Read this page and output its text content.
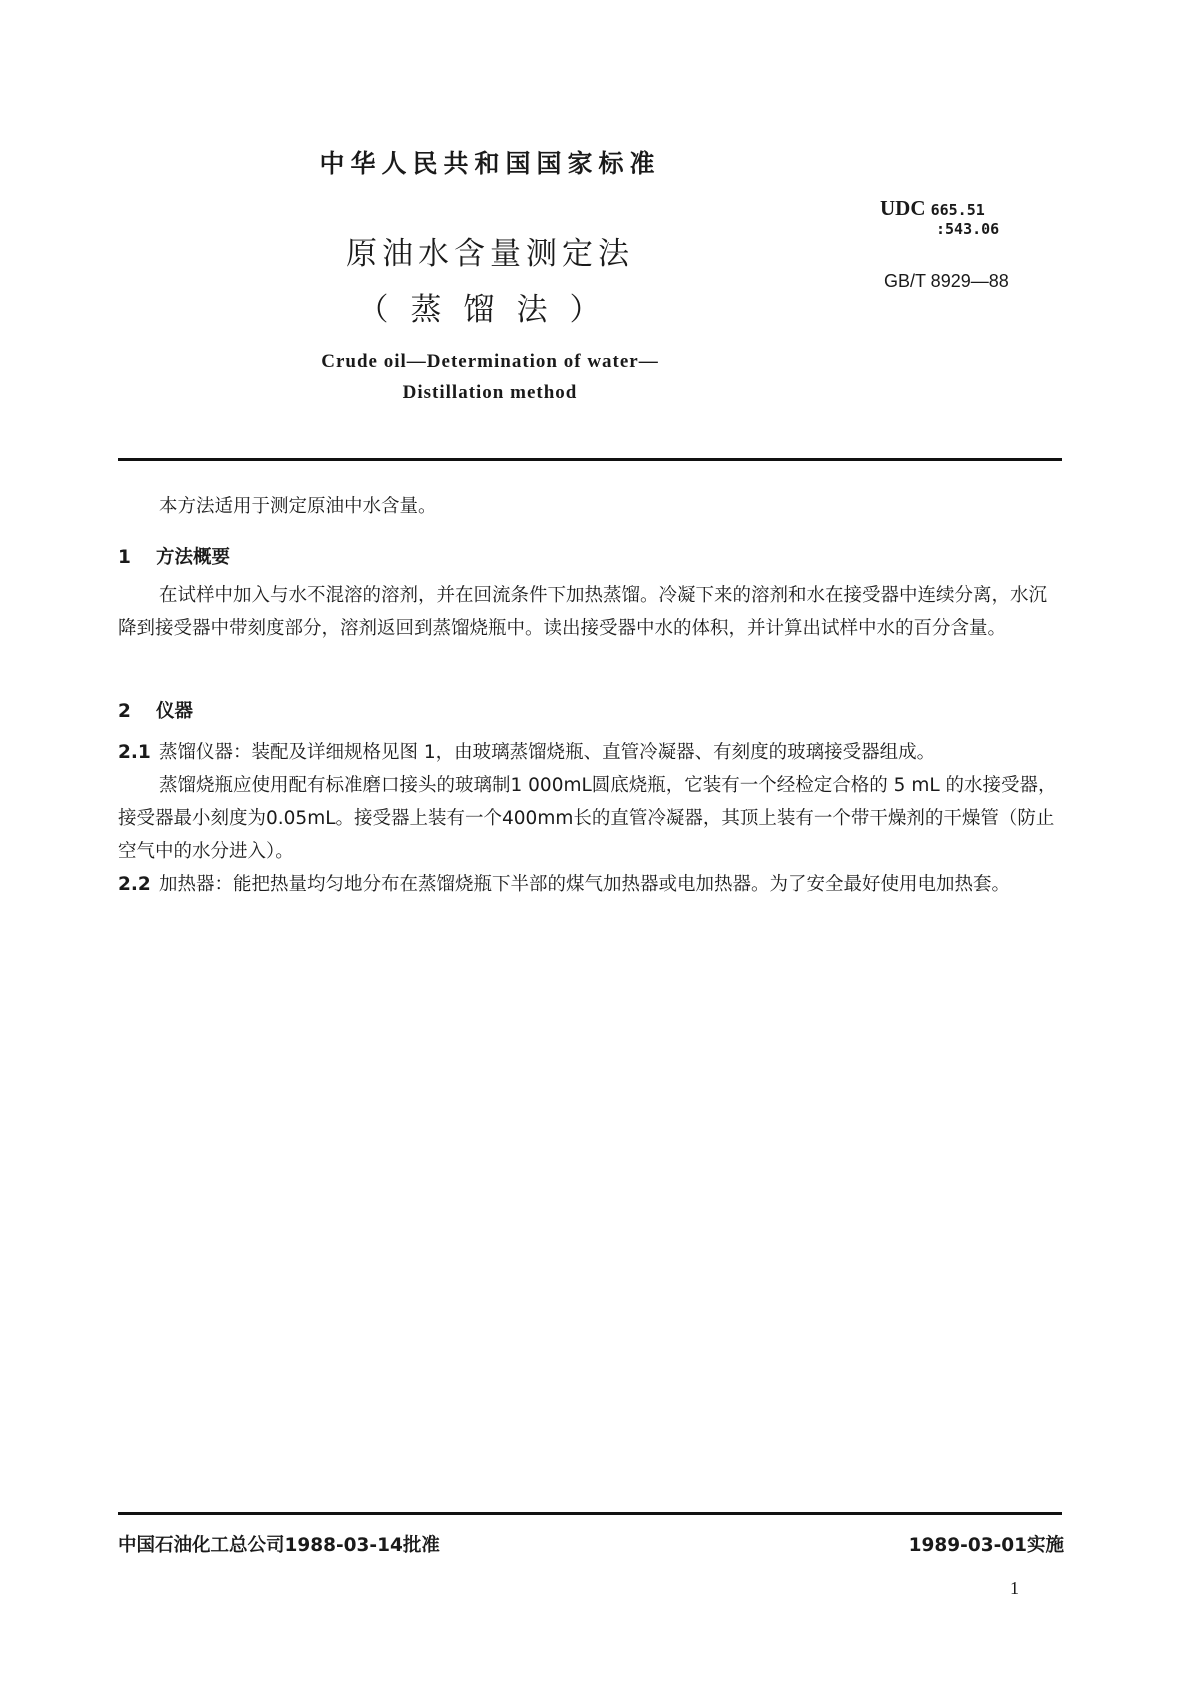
中华人民共和国国家标准
原油水含量测定法
（蒸馏法）
Crude oil—Determination of water—
Distillation method
UDC 665.51
:543.06
GB/T 8929—88
本方法适用于测定原油中水含量。
1 方法概要
在试样中加入与水不混溶的溶剂，并在回流条件下加热蒸馏。冷凝下来的溶剂和水在接受器中连续分离，水沉降到接受器中带刻度部分，溶剂返回到蒸馏烧瓶中。读出接受器中水的体积，并计算出试样中水的百分含量。
2 仪器
2.1 蒸馏仪器：装配及详细规格见图 1，由玻璃蒸馏烧瓶、直管冷凝器、有刻度的玻璃接受器组成。
蒸馏烧瓶应使用配有标准磨口接头的玻璃制1 000mL圆底烧瓶，它装有一个经检定合格的 5 mL 的水接受器，接受器最小刻度为0.05mL。接受器上装有一个400mm长的直管冷凝器，其顶上装有一个带干燥剂的干燥管（防止空气中的水分进入）。
2.2 加热器：能把热量均匀地分布在蒸馏烧瓶下半部的煤气加热器或电加热器。为了安全最好使用电加热套。
中国石油化工总公司1988-03-14批准	1989-03-01实施
1
